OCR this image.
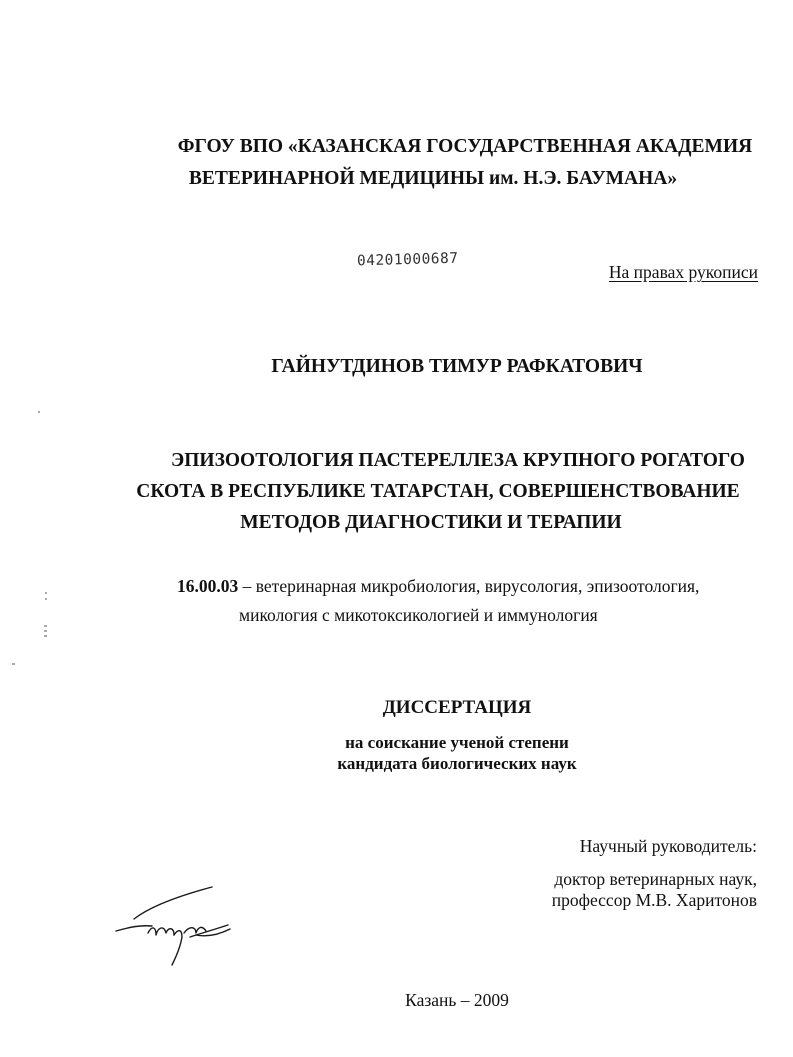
ФГОУ ВПО «КАЗАНСКАЯ ГОСУДАРСТВЕННАЯ АКАДЕМИЯ
ВЕТЕРИНАРНОЙ МЕДИЦИНЫ им. Н.Э. БАУМАНА»
04201000687
На правах рукописи
ГАЙНУТДИНОВ ТИМУР РАФКАТОВИЧ
ЭПИЗООТОЛОГИЯ ПАСТЕРЕЛЛЕЗА КРУПНОГО РОГАТОГО
СКОТА В РЕСПУБЛИКЕ ТАТАРСТАН, СОВЕРШЕНСТВОВАНИЕ
МЕТОДОВ ДИАГНОСТИКИ И ТЕРАПИИ
16.00.03 – ветеринарная микробиология, вирусология, эпизоотология,
микология с микотоксикологией и иммунология
ДИССЕРТАЦИЯ
на соискание ученой степени
кандидата биологических наук
Научный руководитель:
доктор ветеринарных наук,
профессор М.В. Харитонов
Казань – 2009
